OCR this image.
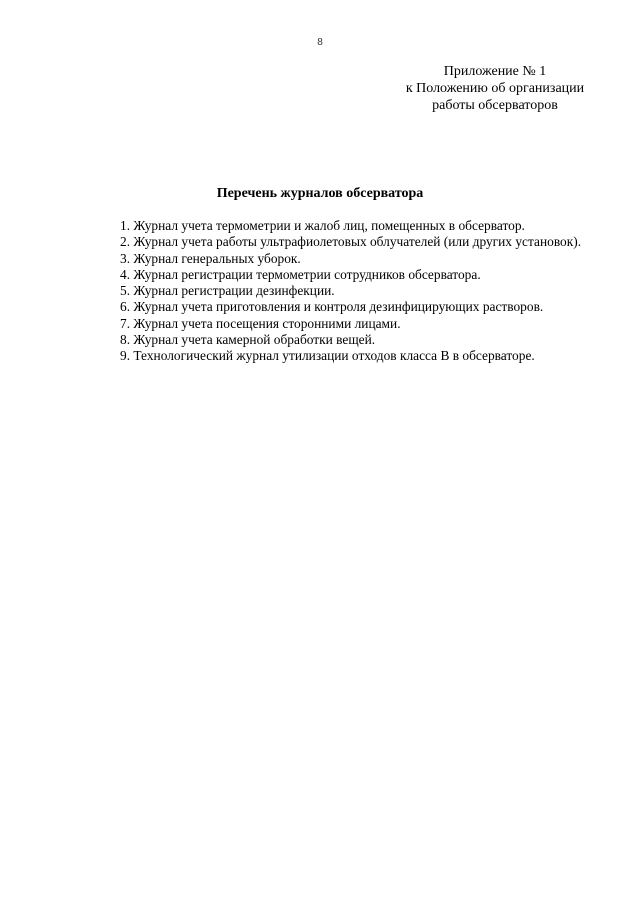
8
Приложение № 1
к Положению об организации
работы обсерваторов
Перечень журналов обсерватора
1. Журнал учета термометрии и жалоб лиц, помещенных в обсерватор.
2. Журнал учета работы ультрафиолетовых облучателей (или других установок).
3. Журнал генеральных уборок.
4. Журнал регистрации термометрии сотрудников обсерватора.
5. Журнал регистрации дезинфекции.
6. Журнал учета приготовления и контроля дезинфицирующих растворов.
7. Журнал учета посещения сторонними лицами.
8. Журнал учета камерной обработки вещей.
9. Технологический журнал утилизации отходов класса В в обсерваторе.
